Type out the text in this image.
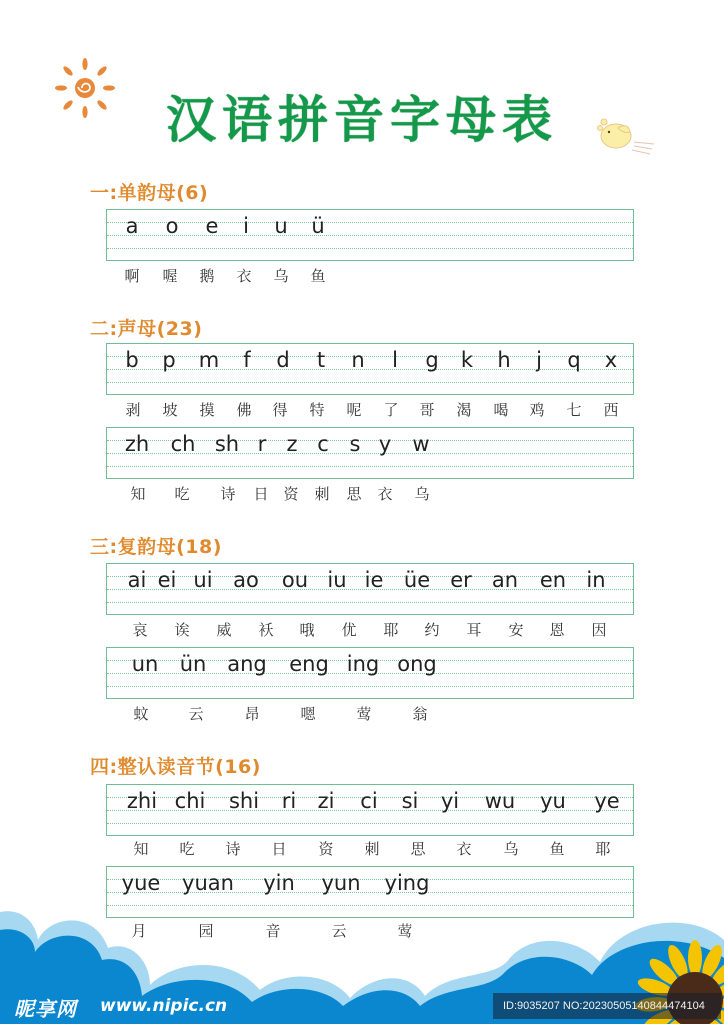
汉语拼音字母表
一:单韵母(6)
a o e i u ü
啊 喔 鹅 衣 乌 鱼
二:声母(23)
b p m f d t n l g k h j q x
剥 坡 摸 佛 得 特 呢 了 哥 渴 喝 鸡 七 西
zh ch sh r z c s y w
知 吃 诗 日 资 刺 思 衣 乌
三:复韵母(18)
ai ei ui ao ou iu ie üe er an en in
哀 诶 威 袄 哦 优 耶 约 耳 安 恩 因
un ün ang eng ing ong
蚊	云	昂	嗯	莺	翁
四:整认读音节(16)
zhi chi shi ri zi ci si yi wu yu ye
知 吃 诗 日 资 刺 思 衣 乌 鱼 耶
yue yuan yin yun ying
月	园	音	云	莺
昵享网 www.nipic.cn	ID:9035207 NO:20230505140844474104
